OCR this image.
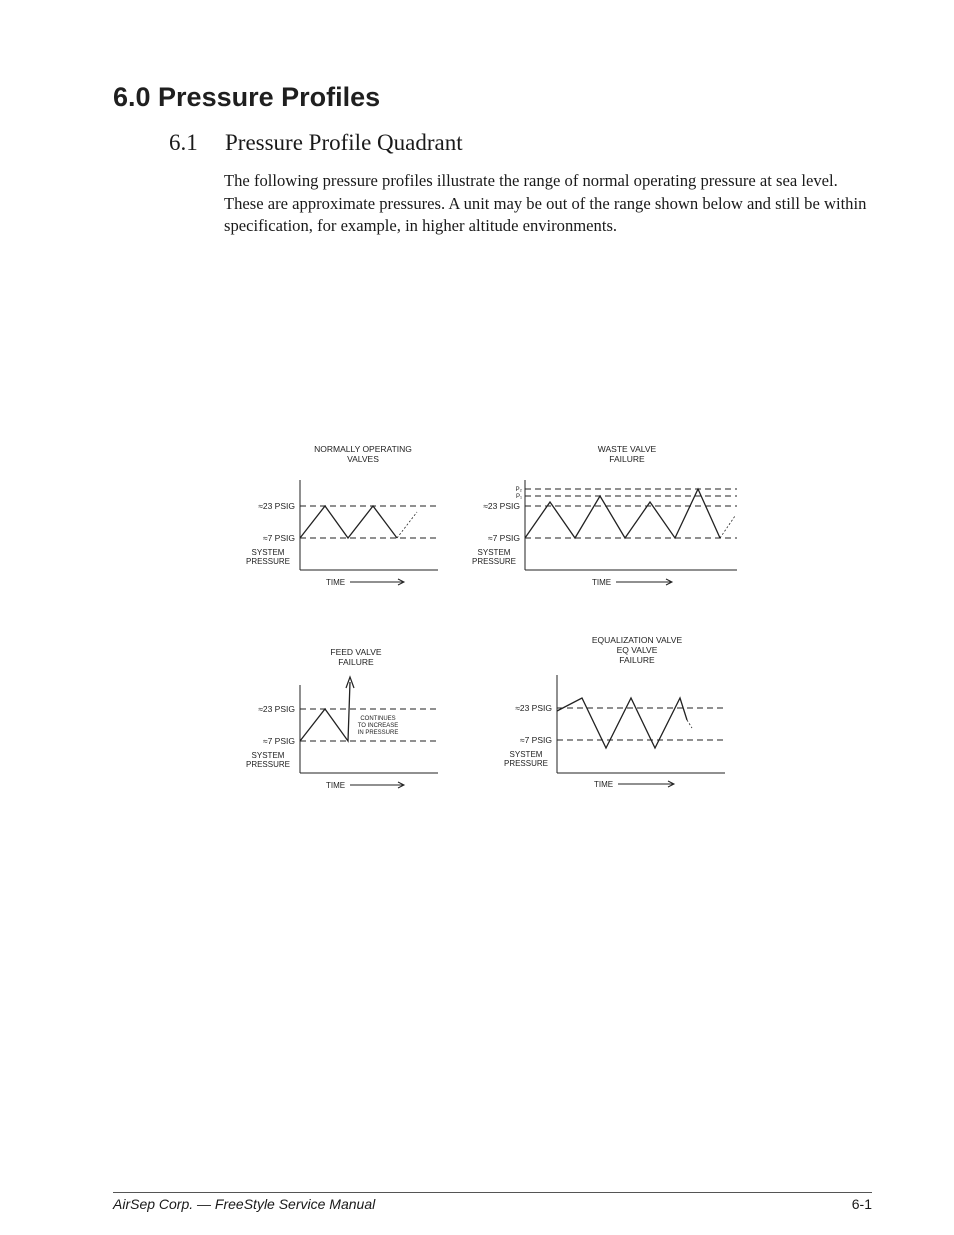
6.0 Pressure Profiles
6.1 Pressure Profile Quadrant

The following pressure profiles illustrate the range of normal operating pressure at sea level. These are approximate pressures. A unit may be out of the range shown below and still be within specification, for example, in higher altitude environments.

NORMALLY OPERATING
VALVES
≈23 PSIG
≈7 PSIG
SYSTEM
PRESSURE
TIME
WASTE VALVE
FAILURE
P₂
P₁
≈23 PSIG
≈7 PSIG
SYSTEM
PRESSURE
TIME
FEED VALVE
FAILURE
CONTINUES
TO INCREASE
IN PRESSURE
≈23 PSIG
≈7 PSIG
SYSTEM
PRESSURE
TIME
EQUALIZATION VALVE
EQ VALVE
FAILURE
≈23 PSIG
≈7 PSIG
SYSTEM
PRESSURE
TIME
AirSep Corp. — FreeStyle Service Manual	6-1
